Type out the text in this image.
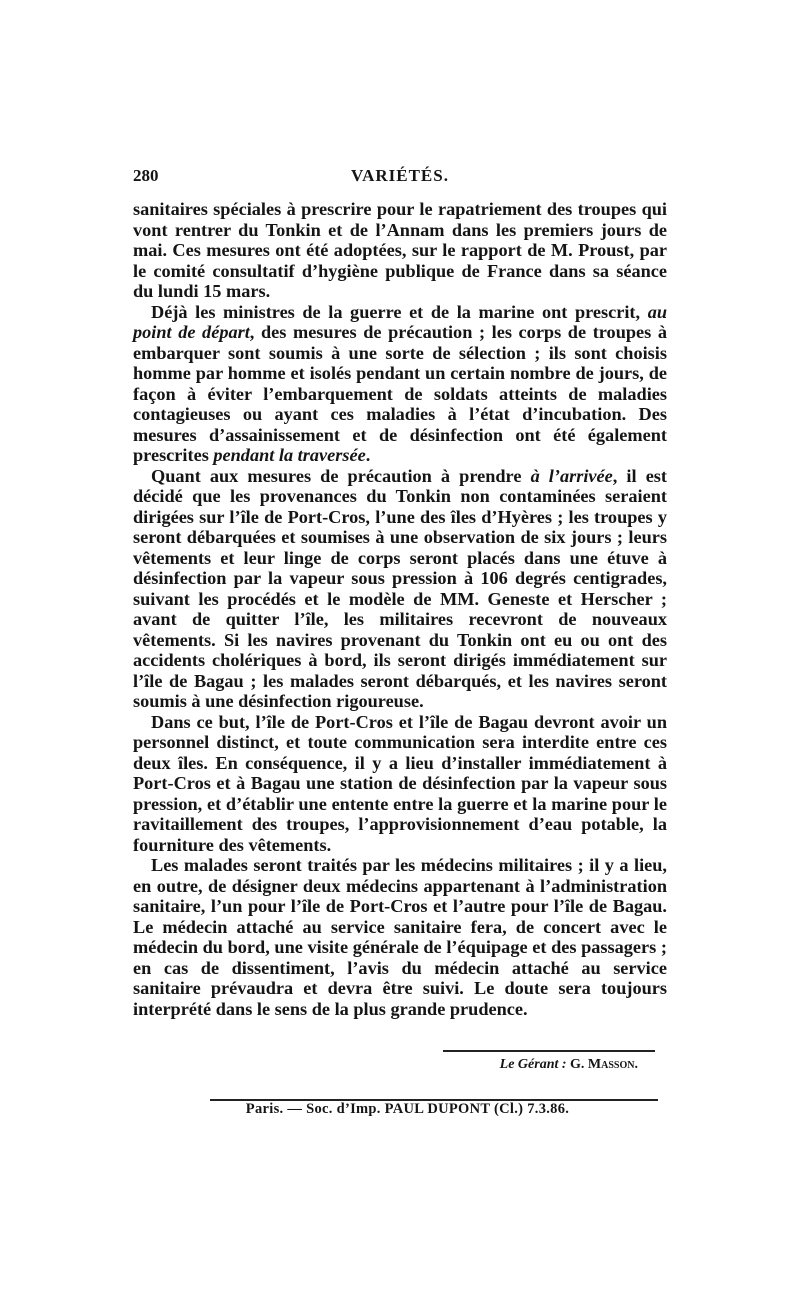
280	VARIÉTÉS.

sanitaires spéciales à prescrire pour le rapatriement des troupes qui vont rentrer du Tonkin et de l’Annam dans les premiers jours de mai. Ces mesures ont été adoptées, sur le rapport de M. Proust, par le comité consultatif d’hygiène publique de France dans sa séance du lundi 15 mars.

Déjà les ministres de la guerre et de la marine ont prescrit, au point de départ, des mesures de précaution ; les corps de troupes à embarquer sont soumis à une sorte de sélection ; ils sont choisis homme par homme et isolés pendant un certain nombre de jours, de façon à éviter l’embarquement de soldats atteints de maladies contagieuses ou ayant ces maladies à l’état d’incubation. Des mesures d’assainissement et de désinfection ont été également prescrites pendant la traversée.

Quant aux mesures de précaution à prendre à l’arrivée, il est décidé que les provenances du Tonkin non contaminées seraient dirigées sur l’île de Port-Cros, l’une des îles d’Hyères ; les troupes y seront débarquées et soumises à une observation de six jours ; leurs vêtements et leur linge de corps seront placés dans une étuve à désinfection par la vapeur sous pression à 106 degrés centigrades, suivant les procédés et le modèle de MM. Geneste et Herscher ; avant de quitter l’île, les militaires recevront de nouveaux vêtements. Si les navires provenant du Tonkin ont eu ou ont des accidents cholériques à bord, ils seront dirigés immédiatement sur l’île de Bagau ; les malades seront débarqués, et les navires seront soumis à une désinfection rigoureuse.

Dans ce but, l’île de Port-Cros et l’île de Bagau devront avoir un personnel distinct, et toute communication sera interdite entre ces deux îles. En conséquence, il y a lieu d’installer immédiatement à Port-Cros et à Bagau une station de désinfection par la vapeur sous pression, et d’établir une entente entre la guerre et la marine pour le ravitaillement des troupes, l’approvisionnement d’eau potable, la fourniture des vêtements.

Les malades seront traités par les médecins militaires ; il y a lieu, en outre, de désigner deux médecins appartenant à l’administration sanitaire, l’un pour l’île de Port-Cros et l’autre pour l’île de Bagau. Le médecin attaché au service sanitaire fera, de concert avec le médecin du bord, une visite générale de l’équipage et des passagers ; en cas de dissentiment, l’avis du médecin attaché au service sanitaire prévaudra et devra être suivi. Le doute sera toujours interprété dans le sens de la plus grande prudence.

Le Gérant : G. Masson.
Paris. — Soc. d’Imp. PAUL DUPONT (Cl.) 7.3.86.
